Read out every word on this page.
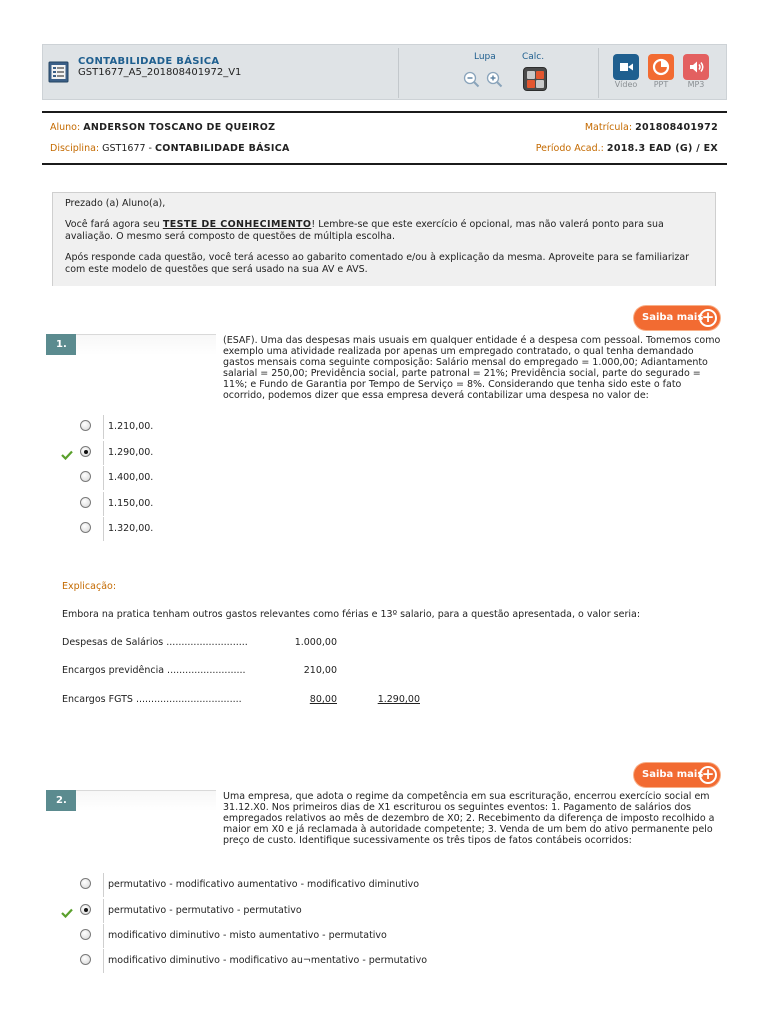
CONTABILIDADE BÁSICA
GST1677_A5_201808401972_V1
Lupa	Calc.
Vídeo	PPT	MP3
Aluno: ANDERSON TOSCANO DE QUEIROZ	Matrícula: 201808401972
Disciplina: GST1677 - CONTABILIDADE BÁSICA	Período Acad.: 2018.3 EAD (G) / EX

Prezado (a) Aluno(a),

Você fará agora seu TESTE DE CONHECIMENTO! Lembre-se que este exercício é opcional, mas não valerá ponto para sua avaliação. O mesmo será composto de questões de múltipla escolha.

Após responde cada questão, você terá acesso ao gabarito comentado e/ou à explicação da mesma. Aproveite para se familiarizar com este modelo de questões que será usado na sua AV e AVS.

Saiba mais
+
1.	(ESAF). Uma das despesas mais usuais em qualquer entidade é a despesa com pessoal. Tomemos como exemplo uma atividade realizada por apenas um empregado contratado, o qual tenha demandado gastos mensais coma seguinte composição: Salário mensal do empregado = 1.000,00; Adiantamento salarial = 250,00; Previdência social, parte patronal = 21%; Previdência social, parte do segurado = 11%; e Fundo de Garantia por Tempo de Serviço = 8%. Considerando que tenha sido este o fato ocorrido, podemos dizer que essa empresa deverá contabilizar uma despesa no valor de:
1.210,00.
1.290,00.
1.400,00.
1.150,00.
1.320,00.
Explicação:
Embora na pratica tenham outros gastos relevantes como férias e 13º salario, para a questão apresentada, o valor seria:
Despesas de Salários ...........................	1.000,00
Encargos previdência ..........................	210,00
Encargos FGTS ...................................	80,00	1.290,00
Saiba mais
+
2.	Uma empresa, que adota o regime da competência em sua escrituração, encerrou exercício social em 31.12.X0. Nos primeiros dias de X1 escriturou os seguintes eventos: 1. Pagamento de salários dos empregados relativos ao mês de dezembro de X0; 2. Recebimento da diferença de imposto recolhido a maior em X0 e já reclamada à autoridade competente; 3. Venda de um bem do ativo permanente pelo preço de custo. Identifique sucessivamente os três tipos de fatos contábeis ocorridos:
permutativo - modificativo aumentativo - modificativo diminutivo
permutativo - permutativo - permutativo
modificativo diminutivo - misto aumentativo - permutativo
modificativo diminutivo - modificativo au¬mentativo - permutativo
